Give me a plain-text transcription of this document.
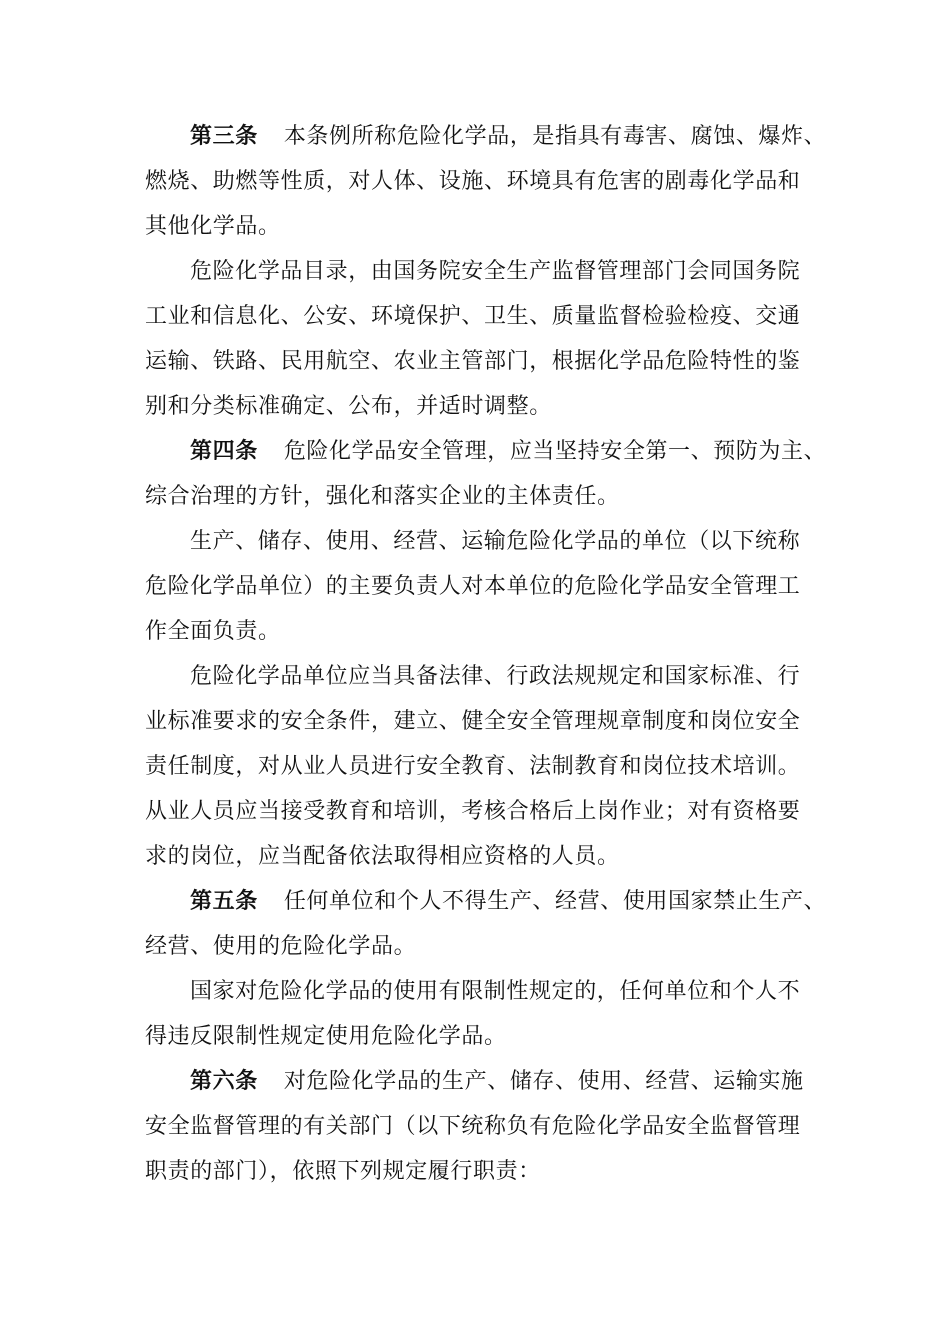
第三条 本条例所称危险化学品，是指具有毒害、腐蚀、爆炸、
燃烧、助燃等性质，对人体、设施、环境具有危害的剧毒化学品和
其他化学品。
危险化学品目录，由国务院安全生产监督管理部门会同国务院
工业和信息化、公安、环境保护、卫生、质量监督检验检疫、交通
运输、铁路、民用航空、农业主管部门，根据化学品危险特性的鉴
别和分类标准确定、公布，并适时调整。
第四条 危险化学品安全管理，应当坚持安全第一、预防为主、
综合治理的方针，强化和落实企业的主体责任。
生产、储存、使用、经营、运输危险化学品的单位（以下统称
危险化学品单位）的主要负责人对本单位的危险化学品安全管理工
作全面负责。
危险化学品单位应当具备法律、行政法规规定和国家标准、行
业标准要求的安全条件，建立、健全安全管理规章制度和岗位安全
责任制度，对从业人员进行安全教育、法制教育和岗位技术培训。
从业人员应当接受教育和培训，考核合格后上岗作业；对有资格要
求的岗位，应当配备依法取得相应资格的人员。
第五条 任何单位和个人不得生产、经营、使用国家禁止生产、
经营、使用的危险化学品。
国家对危险化学品的使用有限制性规定的，任何单位和个人不
得违反限制性规定使用危险化学品。
第六条 对危险化学品的生产、储存、使用、经营、运输实施
安全监督管理的有关部门（以下统称负有危险化学品安全监督管理
职责的部门），依照下列规定履行职责：
